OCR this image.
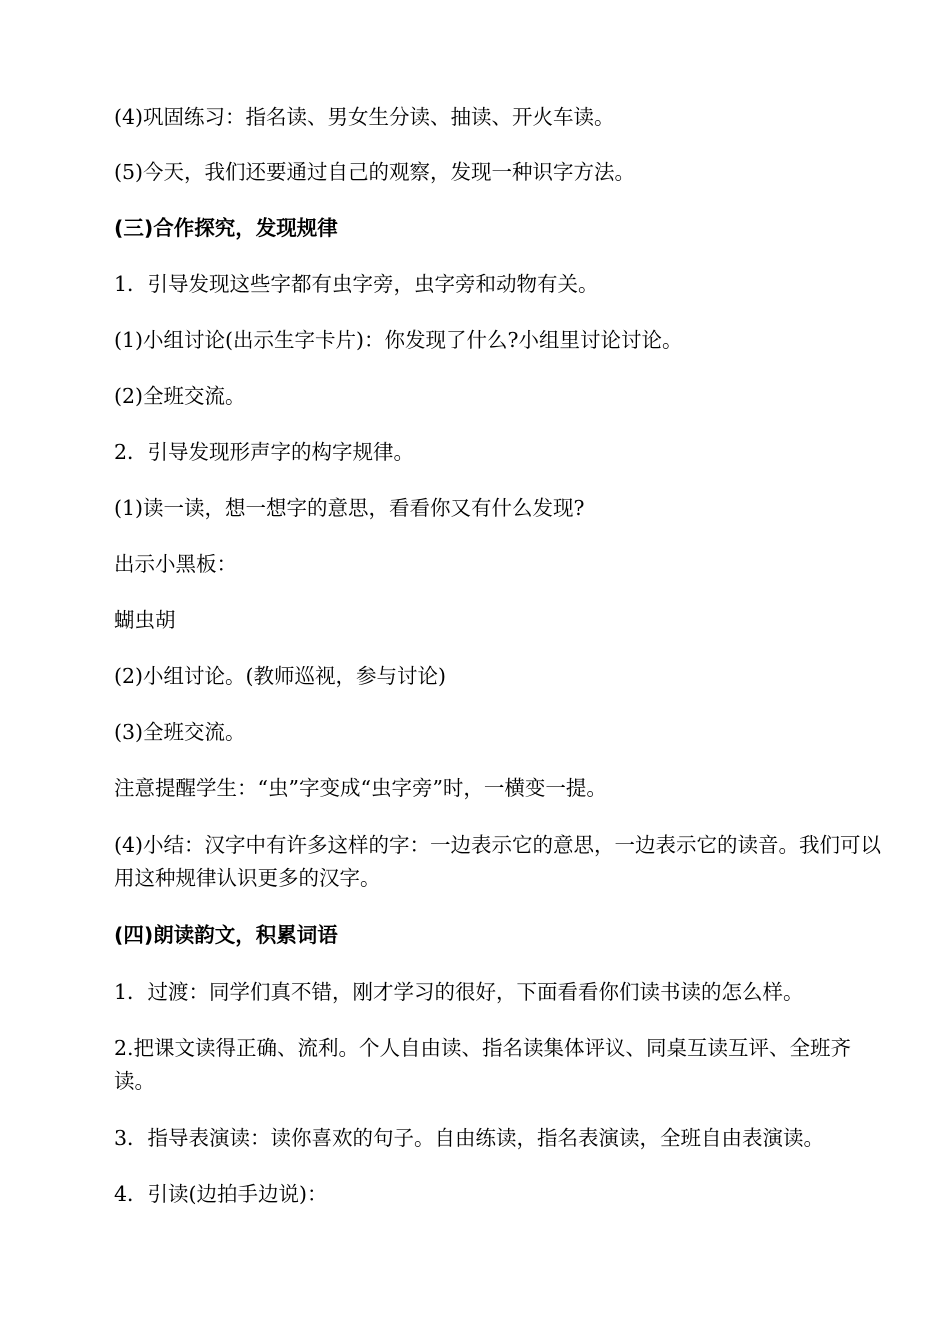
(4)巩固练习：指名读、男女生分读、抽读、开火车读。
(5)今天，我们还要通过自己的观察，发现一种识字方法。
(三)合作探究，发现规律
1．引导发现这些字都有虫字旁，虫字旁和动物有关。
(1)小组讨论(出示生字卡片)：你发现了什么?小组里讨论讨论。
(2)全班交流。
2．引导发现形声字的构字规律。
(1)读一读，想一想字的意思，看看你又有什么发现?
出示小黑板：
蝴虫胡
(2)小组讨论。(教师巡视，参与讨论)
(3)全班交流。
注意提醒学生：“虫”字变成“虫字旁”时，一横变一提。
(4)小结：汉字中有许多这样的字：一边表示它的意思，一边表示它的读音。我们可以用这种规律认识更多的汉字。
(四)朗读韵文，积累词语
1．过渡：同学们真不错，刚才学习的很好，下面看看你们读书读的怎么样。
2.把课文读得正确、流利。个人自由读、指名读集体评议、同桌互读互评、全班齐读。
3．指导表演读：读你喜欢的句子。自由练读，指名表演读，全班自由表演读。
4．引读(边拍手边说)：
